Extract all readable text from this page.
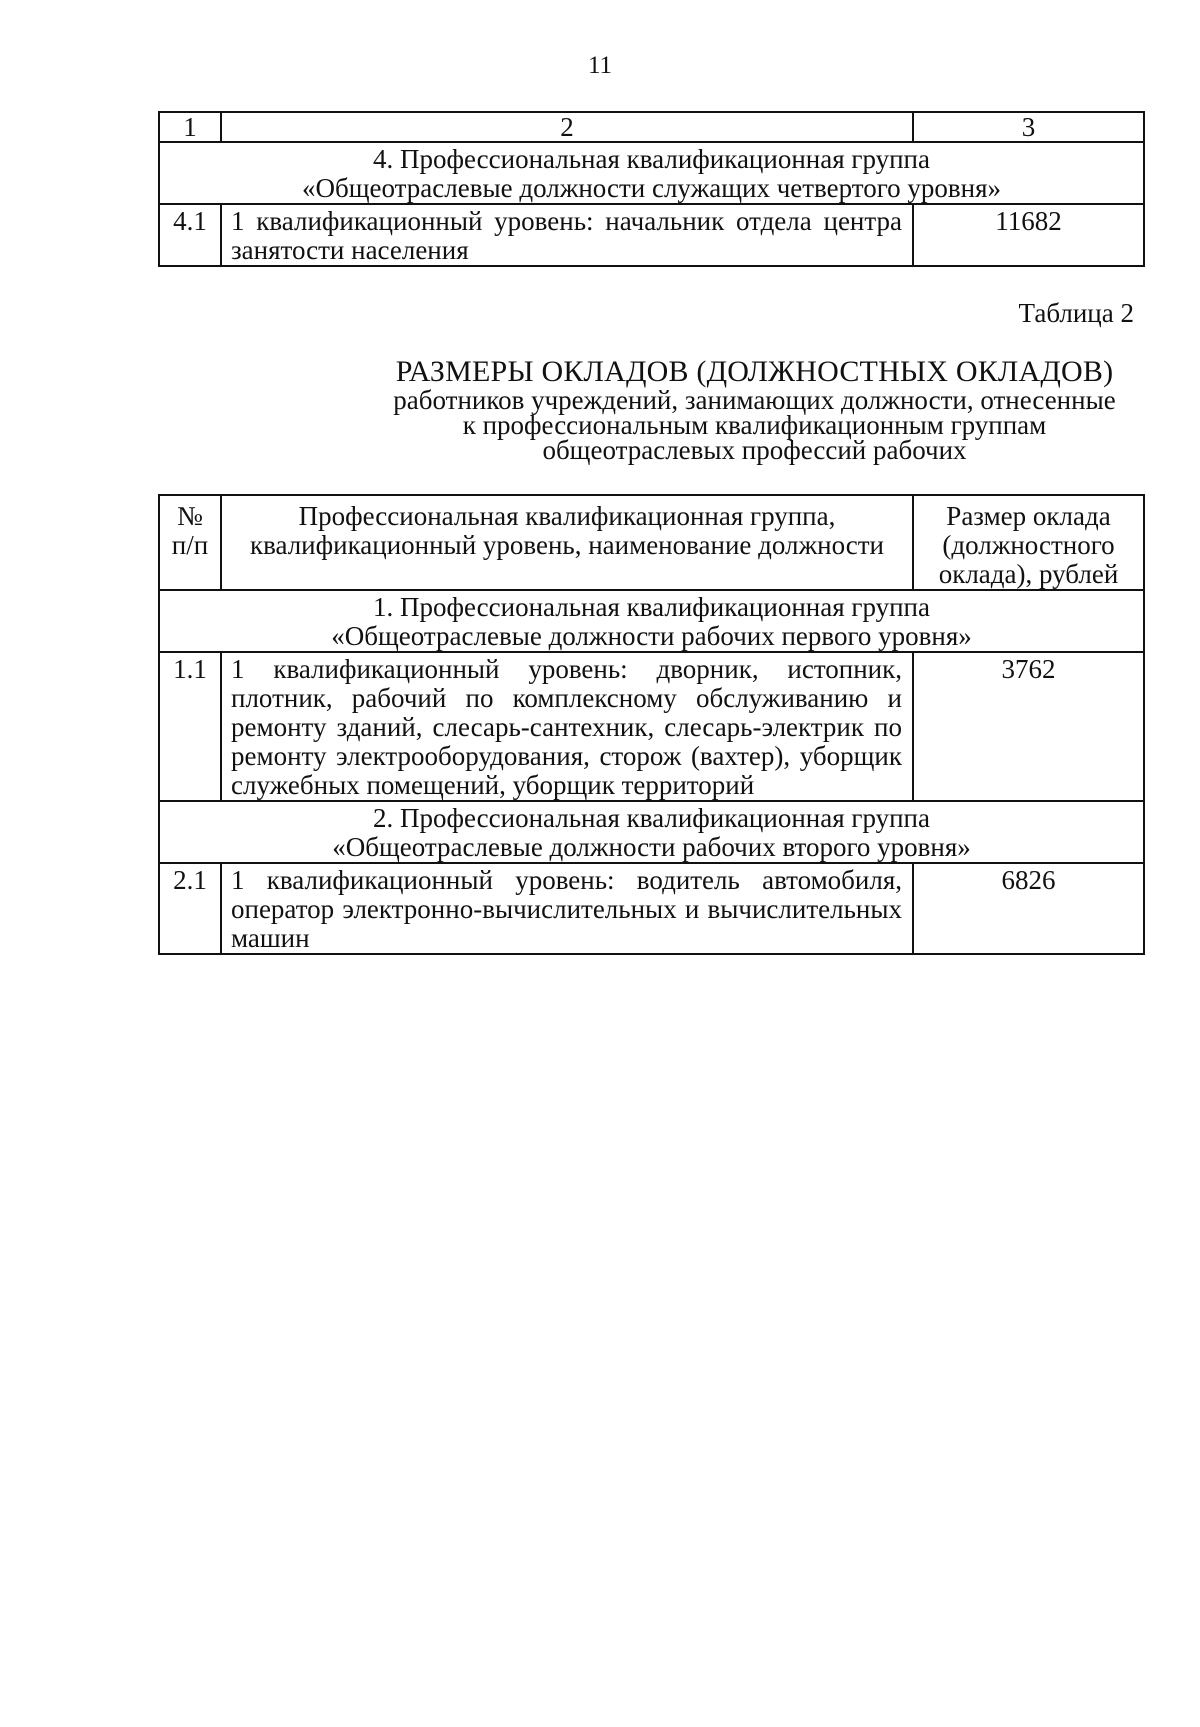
11
1	2	3

4. Профессиональная квалификационная группа
«Общеотраслевые должности служащих четвертого уровня»		

4.1	1 квалификационный уровень: начальник отдела центра занятости населения	11682
Таблица 2
РАЗМЕРЫ ОКЛАДОВ (ДОЛЖНОСТНЫХ ОКЛАДОВ)
работников учреждений, занимающих должности, отнесенные
к профессиональным квалификационным группам
общеотраслевых профессий рабочих
№ п/п	Профессиональная квалификационная группа, квалификационный уровень, наименование должности	Размер оклада (должностного оклада), рублей

1. Профессиональная квалификационная группа
«Общеотраслевые должности рабочих первого уровня»		

1.1	1 квалификационный уровень: дворник, истопник, плотник, рабочий по комплексному обслуживанию и ремонту зданий, слесарь-сантехник, слесарь-электрик по ремонту электрооборудования, сторож (вахтер), уборщик служебных помещений, уборщик территорий	3762

2. Профессиональная квалификационная группа
«Общеотраслевые должности рабочих второго уровня»		

2.1	1 квалификационный уровень: водитель автомобиля, оператор электронно-вычислительных и вычислительных машин	6826
